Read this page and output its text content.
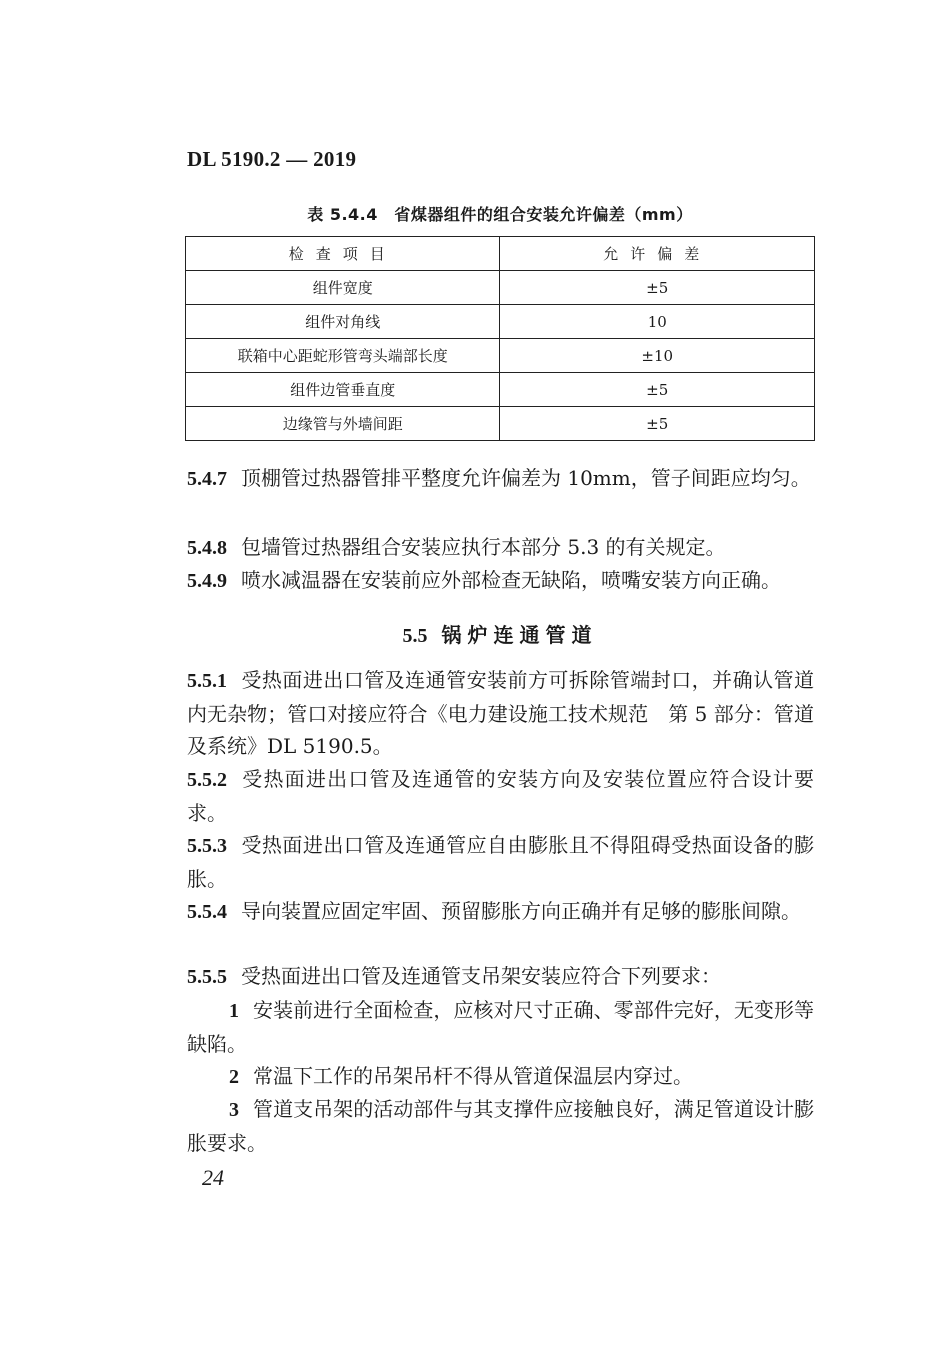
DL 5190.2 — 2019
表 5.4.4　省煤器组件的组合安装允许偏差（mm）
检查项目	允许偏差
组件宽度	±5
组件对角线	10
联箱中心距蛇形管弯头端部长度	±10
组件边管垂直度	±5
边缘管与外墙间距	±5
5.4.7 顶棚管过热器管排平整度允许偏差为 10mm，管子间距应均匀。
5.4.8 包墙管过热器组合安装应执行本部分 5.3 的有关规定。
5.4.9 喷水减温器在安装前应外部检查无缺陷，喷嘴安装方向正确。
5.5 锅炉连通管道
5.5.1 受热面进出口管及连通管安装前方可拆除管端封口，并确认管道内无杂物；管口对接应符合《电力建设施工技术规范　第 5 部分：管道及系统》DL 5190.5。
5.5.2 受热面进出口管及连通管的安装方向及安装位置应符合设计要求。
5.5.3 受热面进出口管及连通管应自由膨胀且不得阻碍受热面设备的膨胀。
5.5.4 导向装置应固定牢固、预留膨胀方向正确并有足够的膨胀间隙。
5.5.5 受热面进出口管及连通管支吊架安装应符合下列要求：
1 安装前进行全面检查，应核对尺寸正确、零部件完好，无变形等缺陷。
2 常温下工作的吊架吊杆不得从管道保温层内穿过。
3 管道支吊架的活动部件与其支撑件应接触良好，满足管道设计膨胀要求。
24
